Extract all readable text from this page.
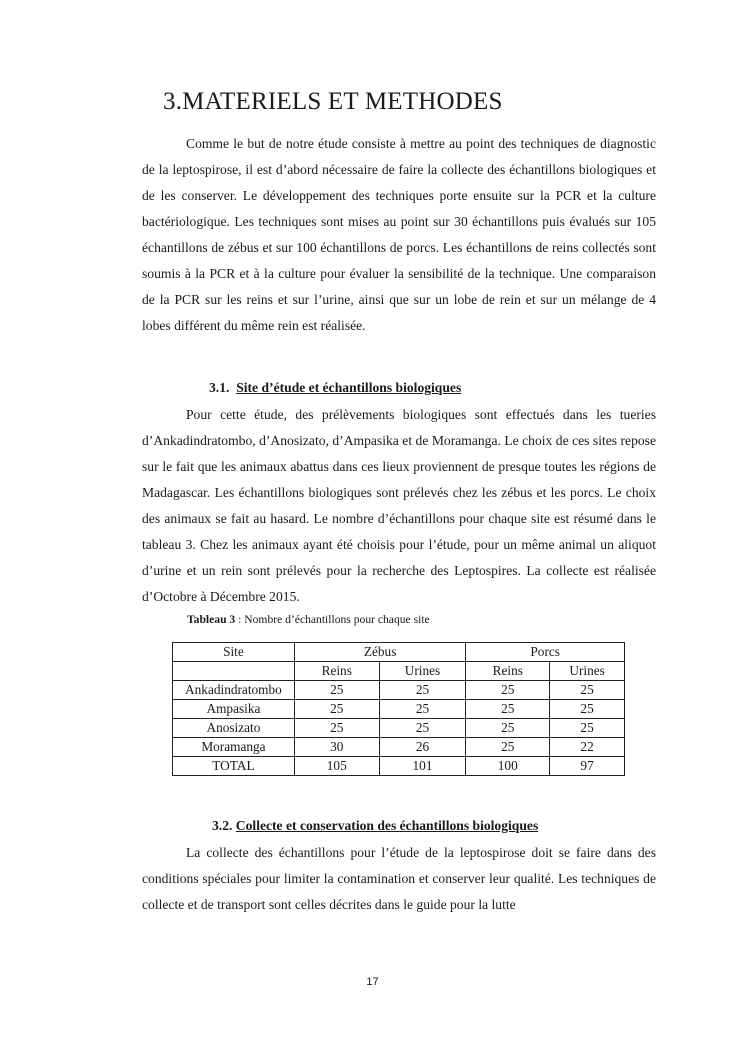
3.MATERIELS ET METHODES

Comme le but de notre étude consiste à mettre au point des techniques de diagnostic de la leptospirose, il est d’abord nécessaire de faire la collecte des échantillons biologiques et de les conserver. Le développement des techniques porte ensuite sur la PCR et la culture bactériologique. Les techniques sont mises au point sur 30 échantillons puis évalués sur 105 échantillons de zébus et sur 100 échantillons de porcs. Les échantillons de reins collectés sont soumis à la PCR et à la culture pour évaluer la sensibilité de la technique. Une comparaison de la PCR sur les reins et sur l’urine, ainsi que sur un lobe de rein et sur un mélange de 4 lobes différent du même rein est réalisée.

3.1. Site d’étude et échantillons biologiques

Pour cette étude, des prélèvements biologiques sont effectués dans les tueries d’Ankadindratombo, d’Anosizato, d’Ampasika et de Moramanga. Le choix de ces sites repose sur le fait que les animaux abattus dans ces lieux proviennent de presque toutes les régions de Madagascar. Les échantillons biologiques sont prélevés chez les zébus et les porcs. Le choix des animaux se fait au hasard. Le nombre d’échantillons pour chaque site est résumé dans le tableau 3. Chez les animaux ayant été choisis pour l’étude, pour un même animal un aliquot d’urine et un rein sont prélevés pour la recherche des Leptospires. La collecte est réalisée d’Octobre à Décembre 2015.

Tableau 3 : Nombre d’échantillons pour chaque site

Site	Zébus		Porcs	
	Reins	Urines	Reins	Urines
Ankadindratombo	25	25	25	25
Ampasika	25	25	25	25
Anosizato	25	25	25	25
Moramanga	30	26	25	22
TOTAL	105	101	100	97
3.2. Collecte et conservation des échantillons biologiques

La collecte des échantillons pour l’étude de la leptospirose doit se faire dans des conditions spéciales pour limiter la contamination et conserver leur qualité. Les techniques de collecte et de transport sont celles décrites dans le guide pour la lutte

17
